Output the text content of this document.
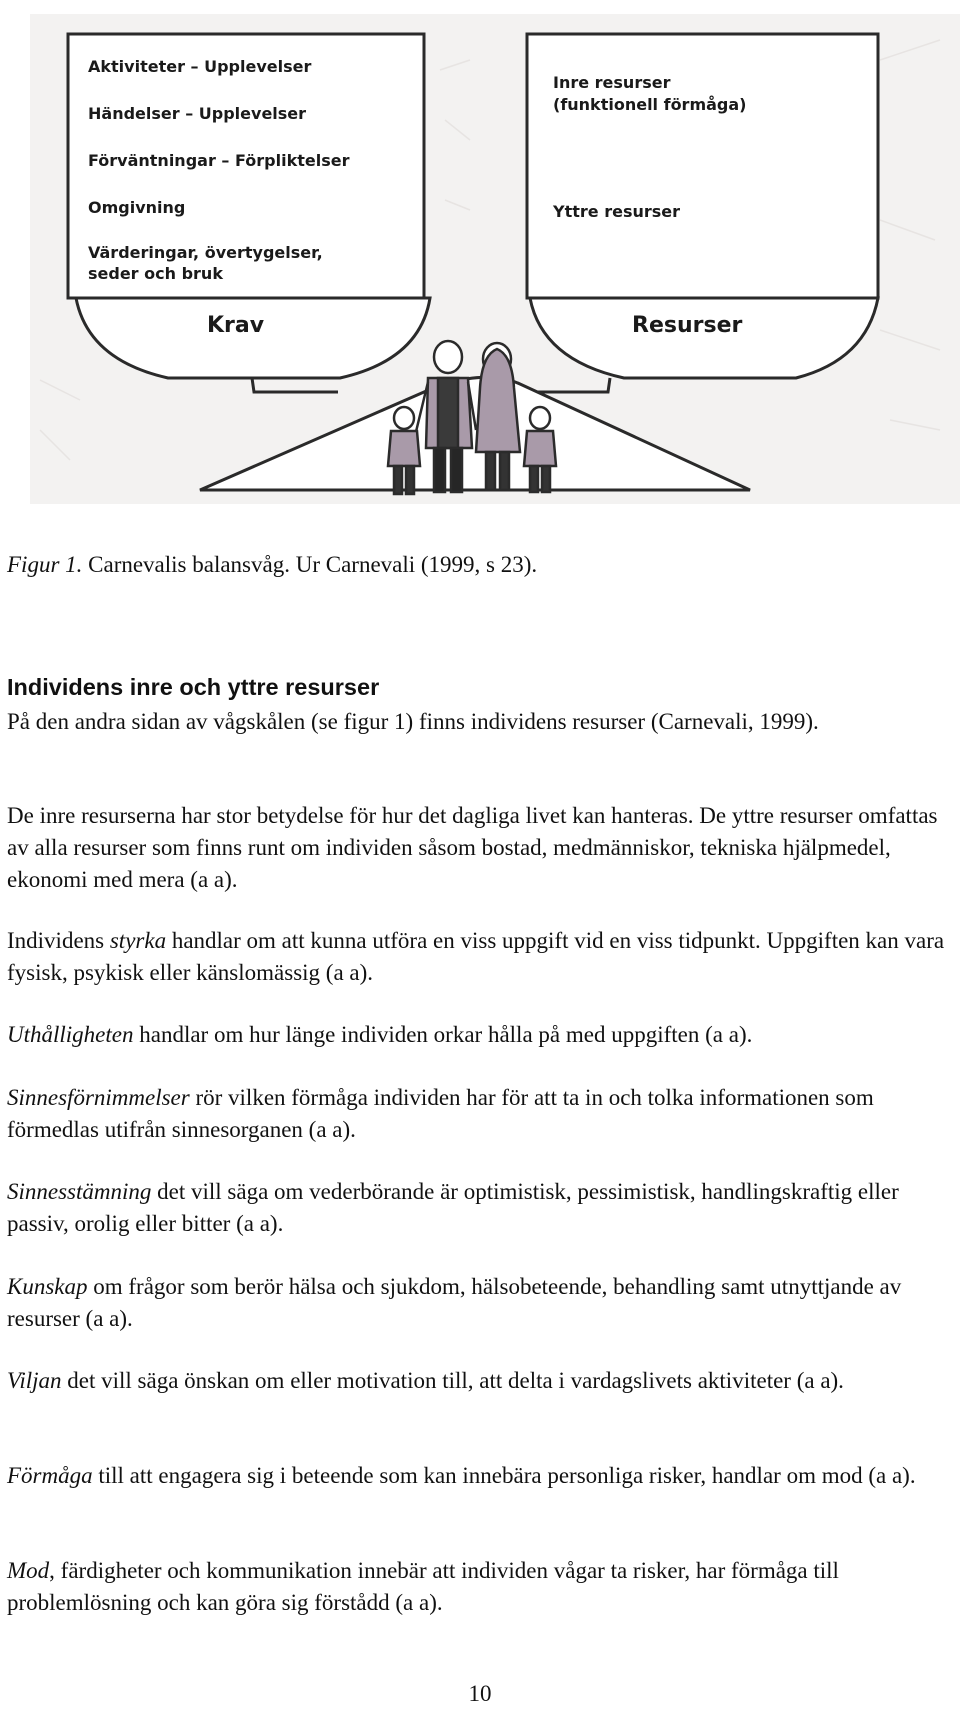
Aktiviteter – Upplevelser
Händelser – Upplevelser
Förväntningar – Förpliktelser
Omgivning
Värderingar, övertygelser,
seder och bruk
Inre resurser
(funktionell förmåga)
Yttre resurser
Krav	Resurser
Figur 1. Carnevalis balansvåg. Ur Carnevali (1999, s 23).
Individens inre och yttre resurser

På den andra sidan av vågskålen (se figur 1) finns individens resurser (Carnevali, 1999).

De inre resurserna har stor betydelse för hur det dagliga livet kan hanteras. De yttre resurser omfattas av alla resurser som finns runt om individen såsom bostad, medmänniskor, tekniska hjälpmedel, ekonomi med mera (a a).

Individens styrka handlar om att kunna utföra en viss uppgift vid en viss tidpunkt. Uppgiften kan vara fysisk, psykisk eller känslomässig (a a).

Uthålligheten handlar om hur länge individen orkar hålla på med uppgiften (a a).

Sinnesförnimmelser rör vilken förmåga individen har för att ta in och tolka informationen som förmedlas utifrån sinnesorganen (a a).

Sinnesstämning det vill säga om vederbörande är optimistisk, pessimistisk, handlingskraftig eller passiv, orolig eller bitter (a a).

Kunskap om frågor som berör hälsa och sjukdom, hälsobeteende, behandling samt utnyttjande av resurser (a a).

Viljan det vill säga önskan om eller motivation till, att delta i vardagslivets aktiviteter (a a).

Förmåga till att engagera sig i beteende som kan innebära personliga risker, handlar om mod (a a).

Mod, färdigheter och kommunikation innebär att individen vågar ta risker, har förmåga till problemlösning och kan göra sig förstådd (a a).

10
